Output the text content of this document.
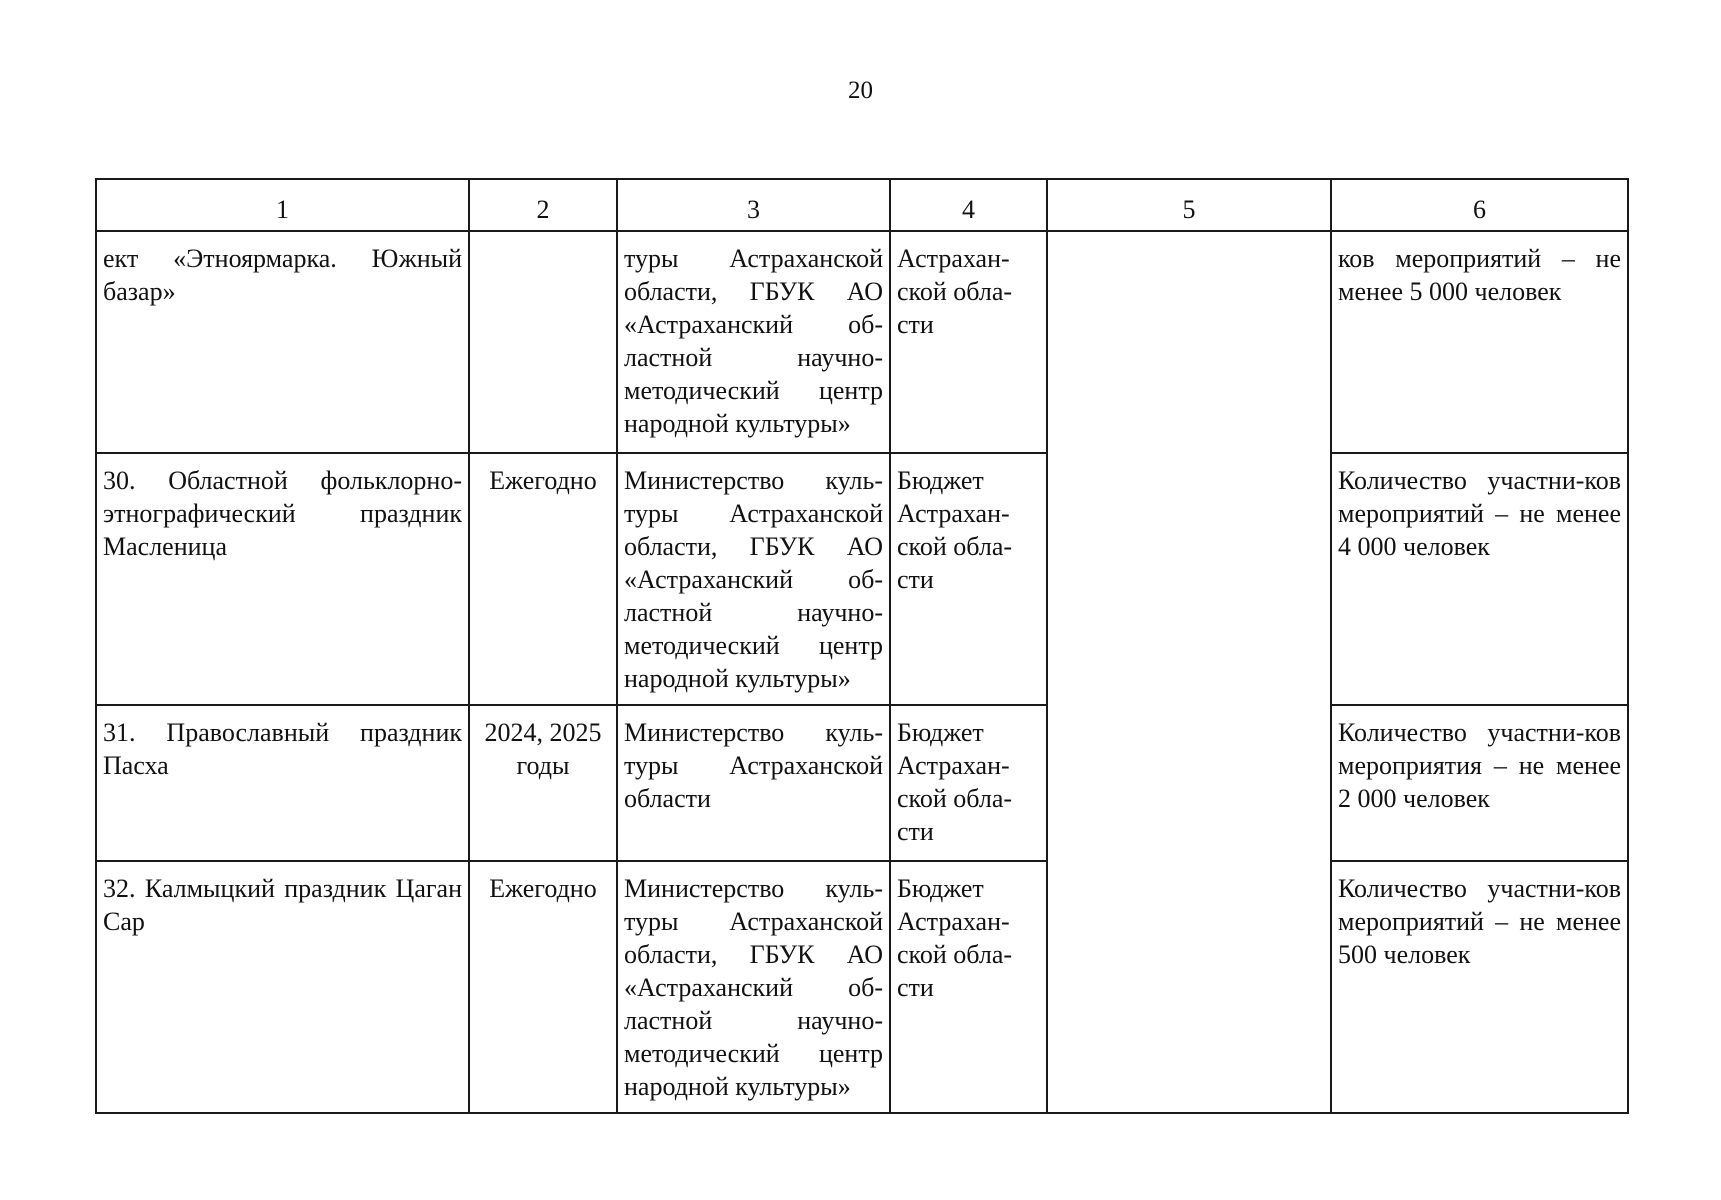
20
1	2	3	4	5	6
ект «Этноярмарка. Южный базар»		туры Астраханской области, ГБУК АО «Астраханский об-ластной научно-методический центр народной культуры»	Астрахан-ской обла-сти		ков мероприятий – не менее 5 000 человек
30. Областной фольклорно-этнографический праздник Масленица	Ежегодно	Министерство куль-туры Астраханской области, ГБУК АО «Астраханский об-ластной научно-методический центр народной культуры»	Бюджет Астрахан-ской обла-сти		Количество участни-ков мероприятий – не менее 4 000 человек
31. Православный праздник Пасха	2024, 2025 годы	Министерство куль-туры Астраханской области	Бюджет Астрахан-ской обла-сти		Количество участни-ков мероприятия – не менее 2 000 человек
32. Калмыцкий праздник Цаган Сар	Ежегодно	Министерство куль-туры Астраханской области, ГБУК АО «Астраханский об-ластной научно-методический центр народной культуры»	Бюджет Астрахан-ской обла-сти		Количество участни-ков мероприятий – не менее 500 человек
